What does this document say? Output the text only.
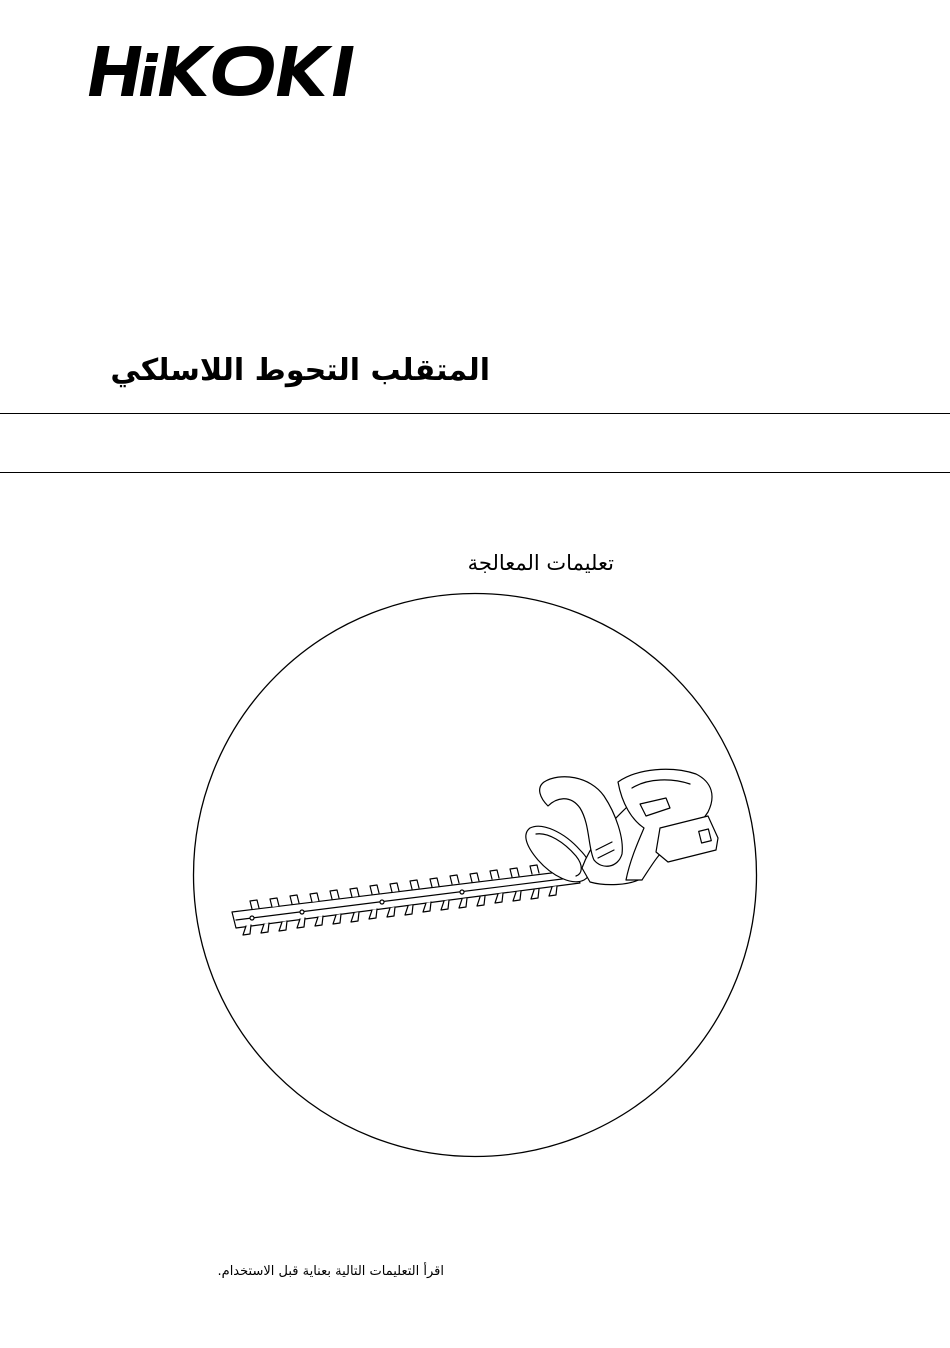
المتقلب التحوط اللاسلكي
تعليمات المعالجة
اقرأ التعليمات التالية بعناية قبل الاستخدام.
